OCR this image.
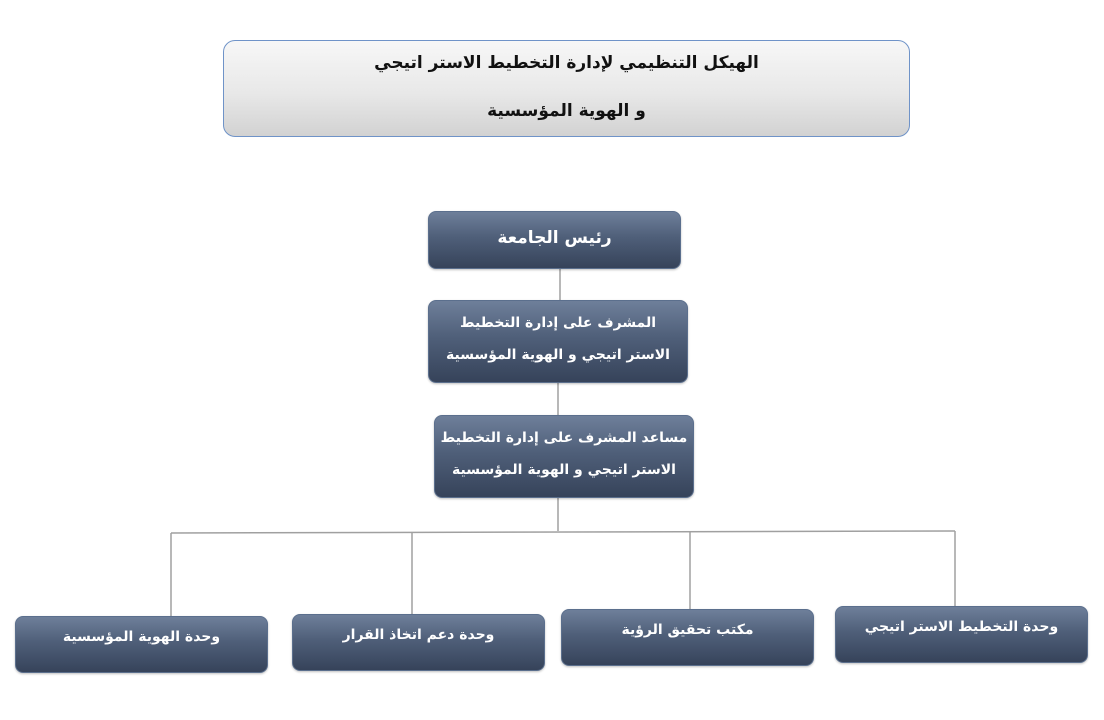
الهيكل التنظيمي لإدارة التخطيط الاستر اتيجي
و الهوية المؤسسية
رئيس الجامعة
المشرف على إدارة التخطيط
الاستر اتيجي و الهوية المؤسسية
مساعد المشرف على إدارة التخطيط
الاستر اتيجي و الهوية المؤسسية
وحدة الهوية المؤسسية	وحدة دعم اتخاذ القرار	مكتب تحقيق الرؤية	وحدة التخطيط الاستر اتيجي
